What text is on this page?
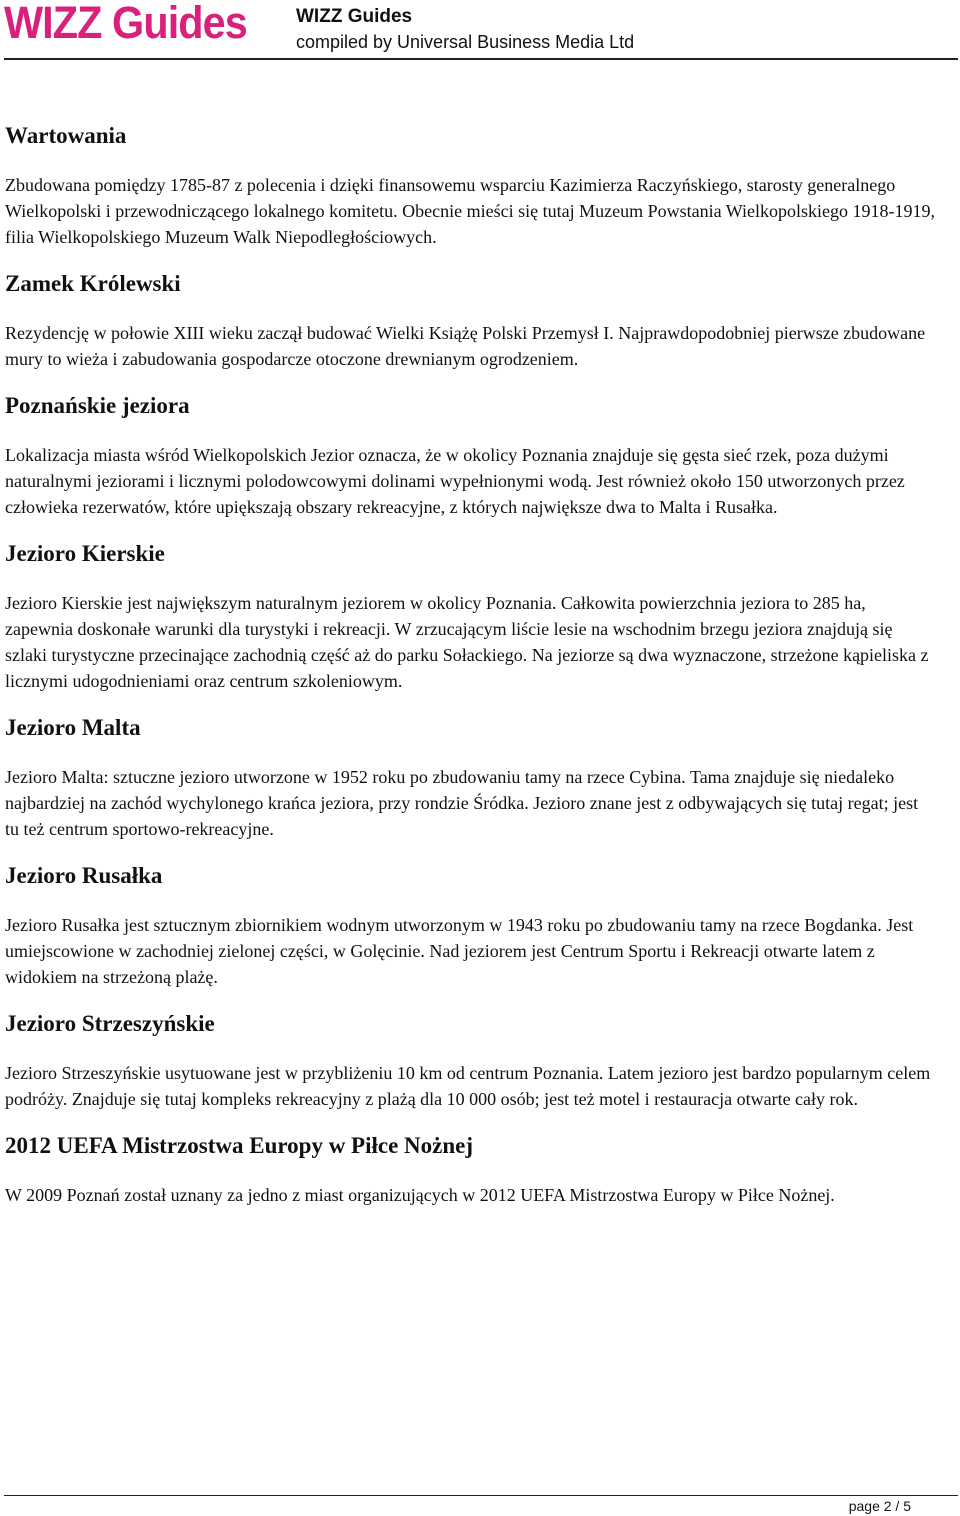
WIZZ Guides	WIZZ Guides
compiled by Universal Business Media Ltd
Wartowania

Zbudowana pomiędzy 1785-87 z polecenia i dzięki finansowemu wsparciu Kazimierza Raczyńskiego, starosty generalnego Wielkopolski i przewodniczącego lokalnego komitetu. Obecnie mieści się tutaj Muzeum Powstania Wielkopolskiego 1918-1919, filia Wielkopolskiego Muzeum Walk Niepodległościowych.

Zamek Królewski

Rezydencję w połowie XIII wieku zaczął budować Wielki Książę Polski Przemysł I. Najprawdopodobniej pierwsze zbudowane mury to wieża i zabudowania gospodarcze otoczone drewnianym ogrodzeniem.

Poznańskie jeziora

Lokalizacja miasta wśród Wielkopolskich Jezior oznacza, że w okolicy Poznania znajduje się gęsta sieć rzek, poza dużymi naturalnymi jeziorami i licznymi polodowcowymi dolinami wypełnionymi wodą. Jest również około 150 utworzonych przez człowieka rezerwatów, które upiększają obszary rekreacyjne, z których największe dwa to Malta i Rusałka.

Jezioro Kierskie

Jezioro Kierskie jest największym naturalnym jeziorem w okolicy Poznania. Całkowita powierzchnia jeziora to 285 ha, zapewnia doskonałe warunki dla turystyki i rekreacji. W zrzucającym liście lesie na wschodnim brzegu jeziora znajdują się szlaki turystyczne przecinające zachodnią część aż do parku Sołackiego. Na jeziorze są dwa wyznaczone, strzeżone kąpieliska z licznymi udogodnieniami oraz centrum szkoleniowym.

Jezioro Malta

Jezioro Malta: sztuczne jezioro utworzone w 1952 roku po zbudowaniu tamy na rzece Cybina. Tama znajduje się niedaleko najbardziej na zachód wychylonego krańca jeziora, przy rondzie Śródka. Jezioro znane jest z odbywających się tutaj regat; jest tu też centrum sportowo-rekreacyjne.

Jezioro Rusałka

Jezioro Rusałka jest sztucznym zbiornikiem wodnym utworzonym w 1943 roku po zbudowaniu tamy na rzece Bogdanka. Jest umiejscowione w zachodniej zielonej części, w Golęcinie. Nad jeziorem jest Centrum Sportu i Rekreacji otwarte latem z widokiem na strzeżoną plażę.

Jezioro Strzeszyńskie

Jezioro Strzeszyńskie usytuowane jest w przybliżeniu 10 km od centrum Poznania. Latem jezioro jest bardzo popularnym celem podróży. Znajduje się tutaj kompleks rekreacyjny z plażą dla 10 000 osób; jest też motel i restauracja otwarte cały rok.

2012 UEFA Mistrzostwa Europy w Piłce Nożnej

W 2009 Poznań został uznany za jedno z miast organizujących w 2012 UEFA Mistrzostwa Europy w Piłce Nożnej.

page 2 / 5
